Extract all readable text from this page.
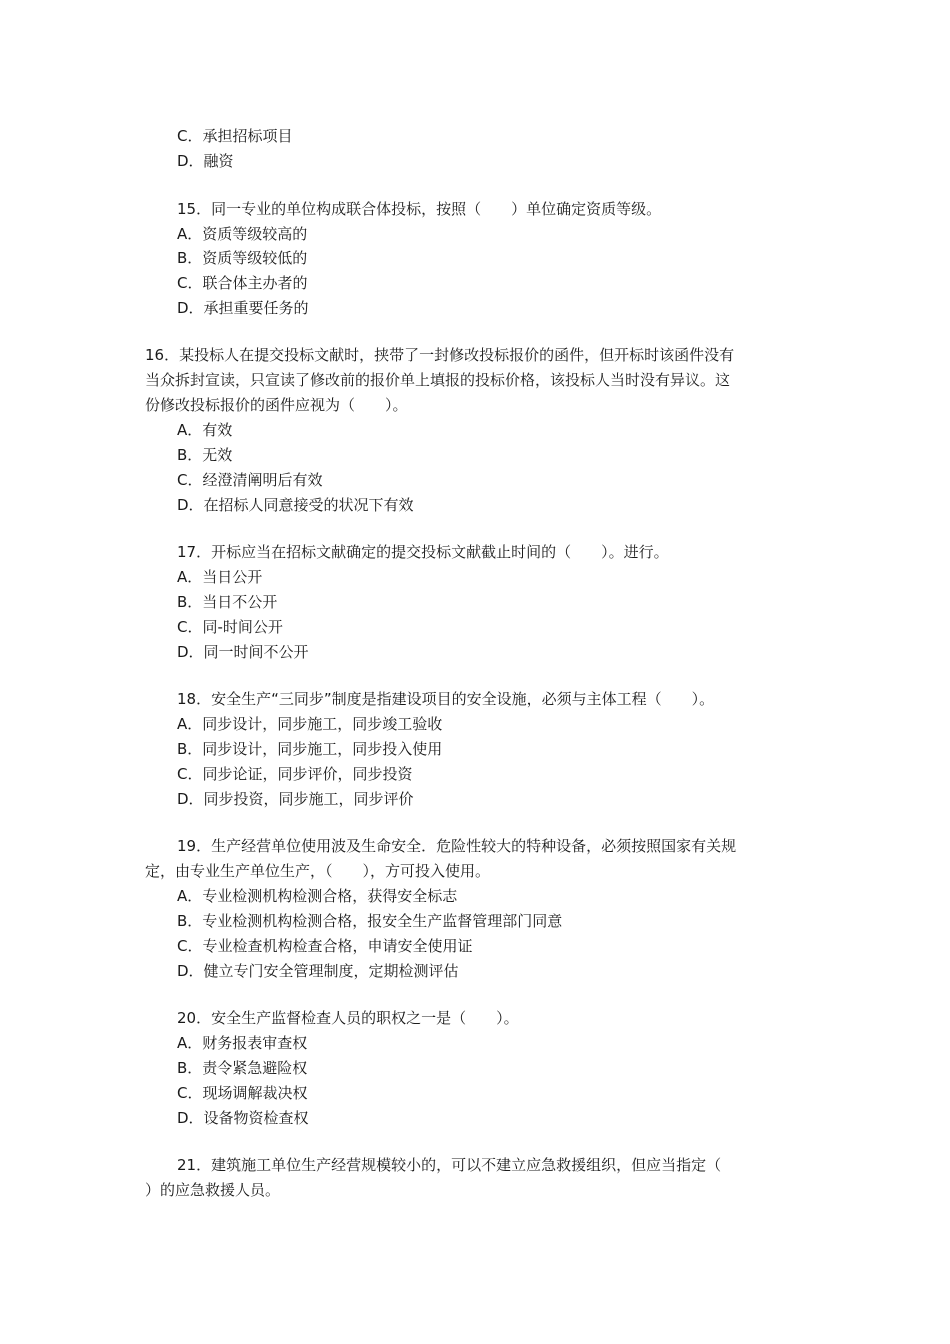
C．承担招标项目
D．融资
15．同一专业的单位构成联合体投标，按照（　　）单位确定资质等级。
A．资质等级较高的
B．资质等级较低的
C．联合体主办者的
D．承担重要任务的
16．某投标人在提交投标文献时，挟带了一封修改投标报价的函件，但开标时该函件没有
当众拆封宣读，只宣读了修改前的报价单上填报的投标价格，该投标人当时没有异议。这
份修改投标报价的函件应视为（　　）。
A．有效
B．无效
C．经澄清阐明后有效
D．在招标人同意接受的状况下有效
17．开标应当在招标文献确定的提交投标文献截止时间的（　　）。进行。
A．当日公开
B．当日不公开
C．同-时间公开
D．同一时间不公开
18．安全生产“三同步”制度是指建设项目的安全设施，必须与主体工程（　　）。
A．同步设计，同步施工，同步竣工验收
B．同步设计，同步施工，同步投入使用
C．同步论证，同步评价，同步投资
D．同步投资，同步施工，同步评价
19．生产经营单位使用波及生命安全．危险性较大的特种设备，必须按照国家有关规
定，由专业生产单位生产，（　　），方可投入使用。
A．专业检测机构检测合格，获得安全标志
B．专业检测机构检测合格，报安全生产监督管理部门同意
C．专业检查机构检查合格，申请安全使用证
D．健立专门安全管理制度，定期检测评估
20．安全生产监督检查人员的职权之一是（　　）。
A．财务报表审查权
B．责令紧急避险权
C．现场调解裁决权
D．设备物资检查权
21．建筑施工单位生产经营规模较小的，可以不建立应急救援组织，但应当指定（
）的应急救援人员。
